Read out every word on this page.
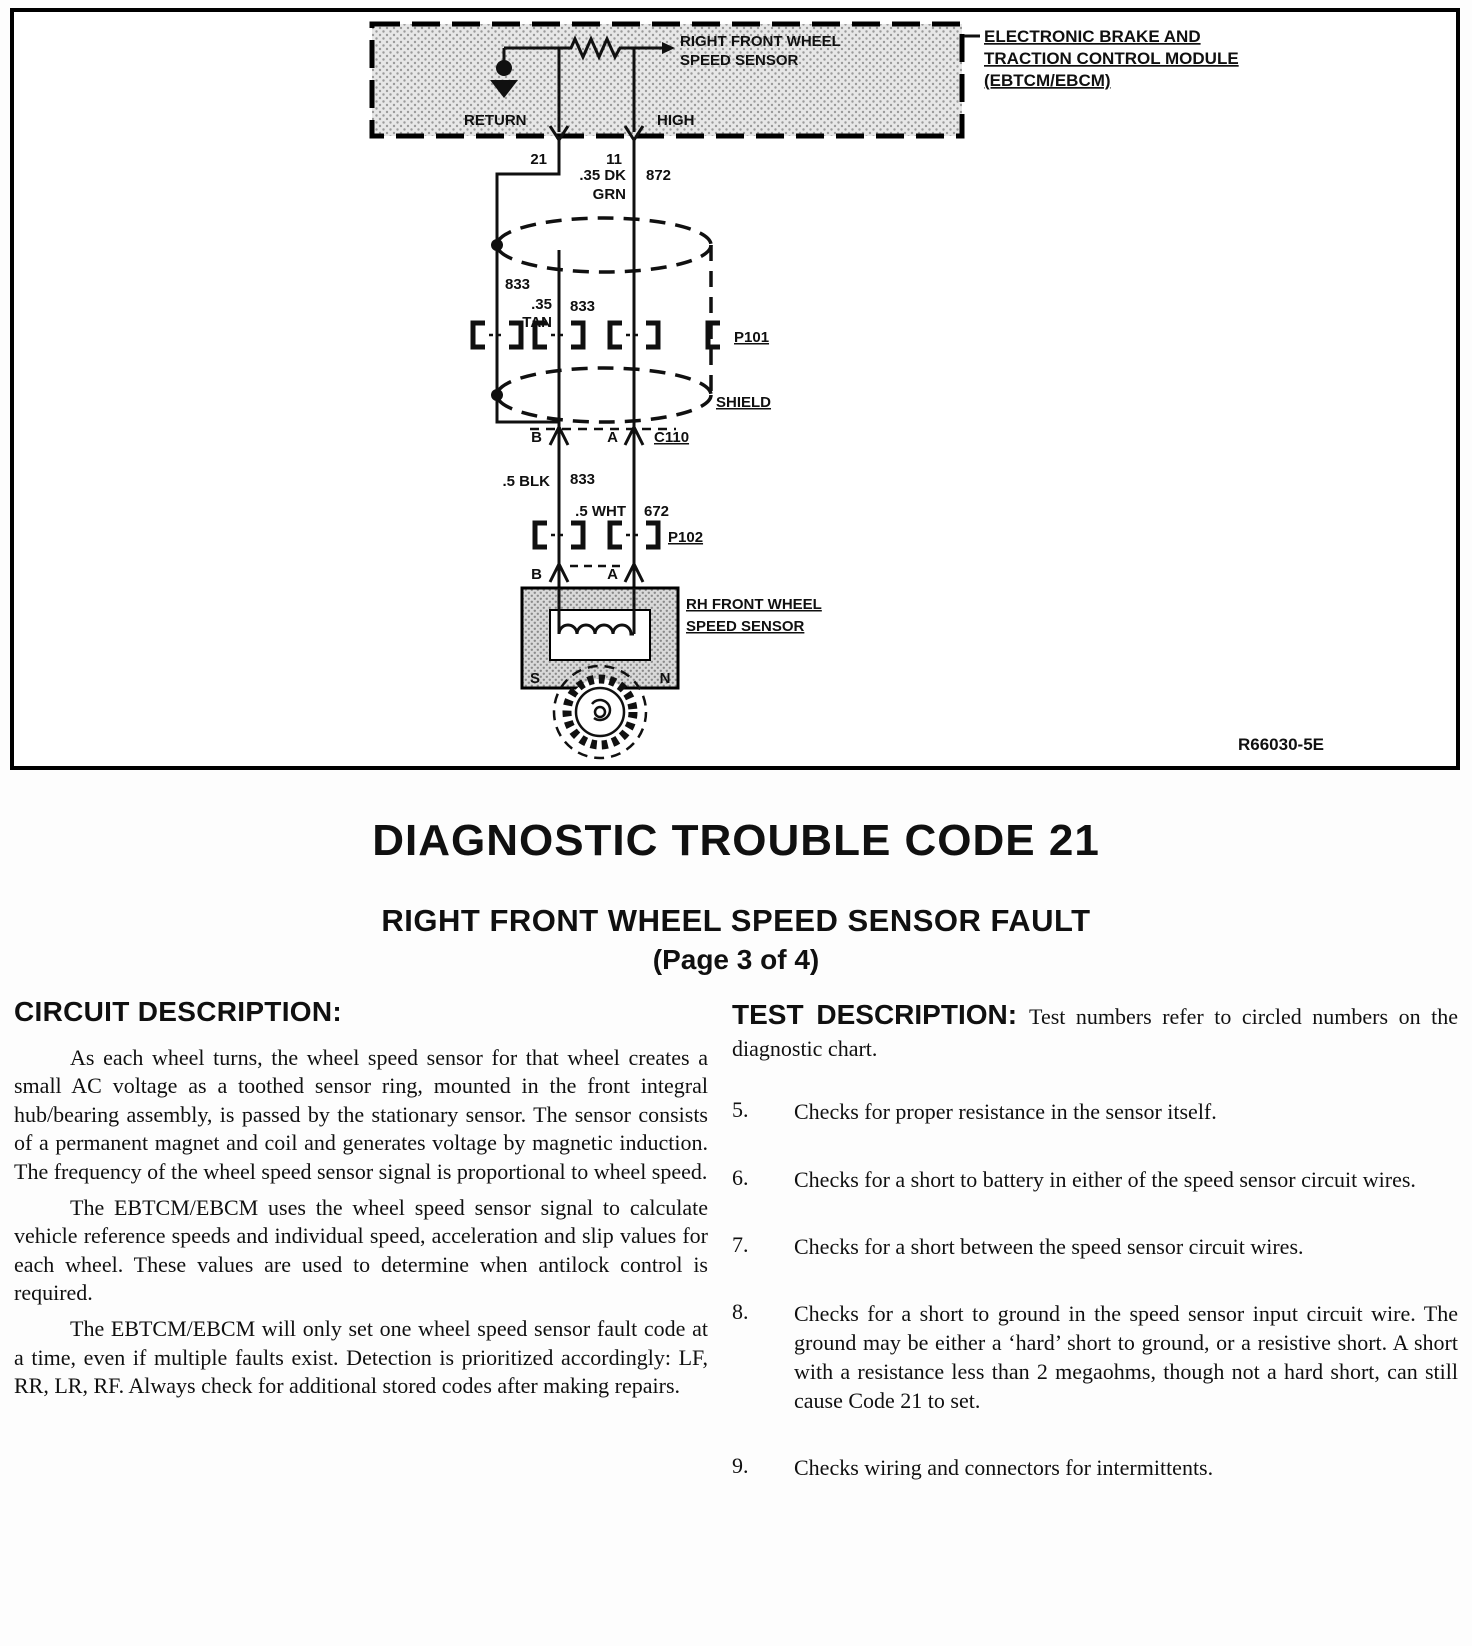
ELECTRONIC BRAKE AND
TRACTION CONTROL MODULE
(EBTCM/EBCM)
RIGHT FRONT WHEEL
SPEED SENSOR
RETURN	HIGH
21	11
.35 DK
GRN
872
833
.35
TAN
833
SHIELD
P101
B	A C110
.5 BLK 833
.5 WHT 672
P102
B	A
S	N
RH FRONT WHEEL
SPEED SENSOR
R66030-5E
DIAGNOSTIC TROUBLE CODE 21
RIGHT FRONT WHEEL SPEED SENSOR FAULT
(Page 3 of 4)
CIRCUIT DESCRIPTION:

As each wheel turns, the wheel speed sensor for that wheel creates a small AC voltage as a toothed sensor ring, mounted in the front integral hub/bearing assembly, is passed by the stationary sensor. The sensor consists of a permanent magnet and coil and generates voltage by magnetic induction. The frequency of the wheel speed sensor signal is proportional to wheel speed.

The EBTCM/EBCM uses the wheel speed sensor signal to calculate vehicle reference speeds and individual speed, acceleration and slip values for each wheel. These values are used to determine when antilock control is required.

The EBTCM/EBCM will only set one wheel speed sensor fault code at a time, even if multiple faults exist. Detection is prioritized accordingly: LF, RR, LR, RF. Always check for additional stored codes after making repairs.

TEST DESCRIPTION: Test numbers refer to circled numbers on the diagnostic chart.

5.	Checks for proper resistance in the sensor itself.

6.	Checks for a short to battery in either of the speed sensor circuit wires.

7.	Checks for a short between the speed sensor circuit wires.

8.	Checks for a short to ground in the speed sensor input circuit wire. The ground may be either a ‘hard’ short to ground, or a resistive short. A short with a resistance less than 2 megaohms, though not a hard short, can still cause Code 21 to set.

9.	Checks wiring and connectors for intermittents.
